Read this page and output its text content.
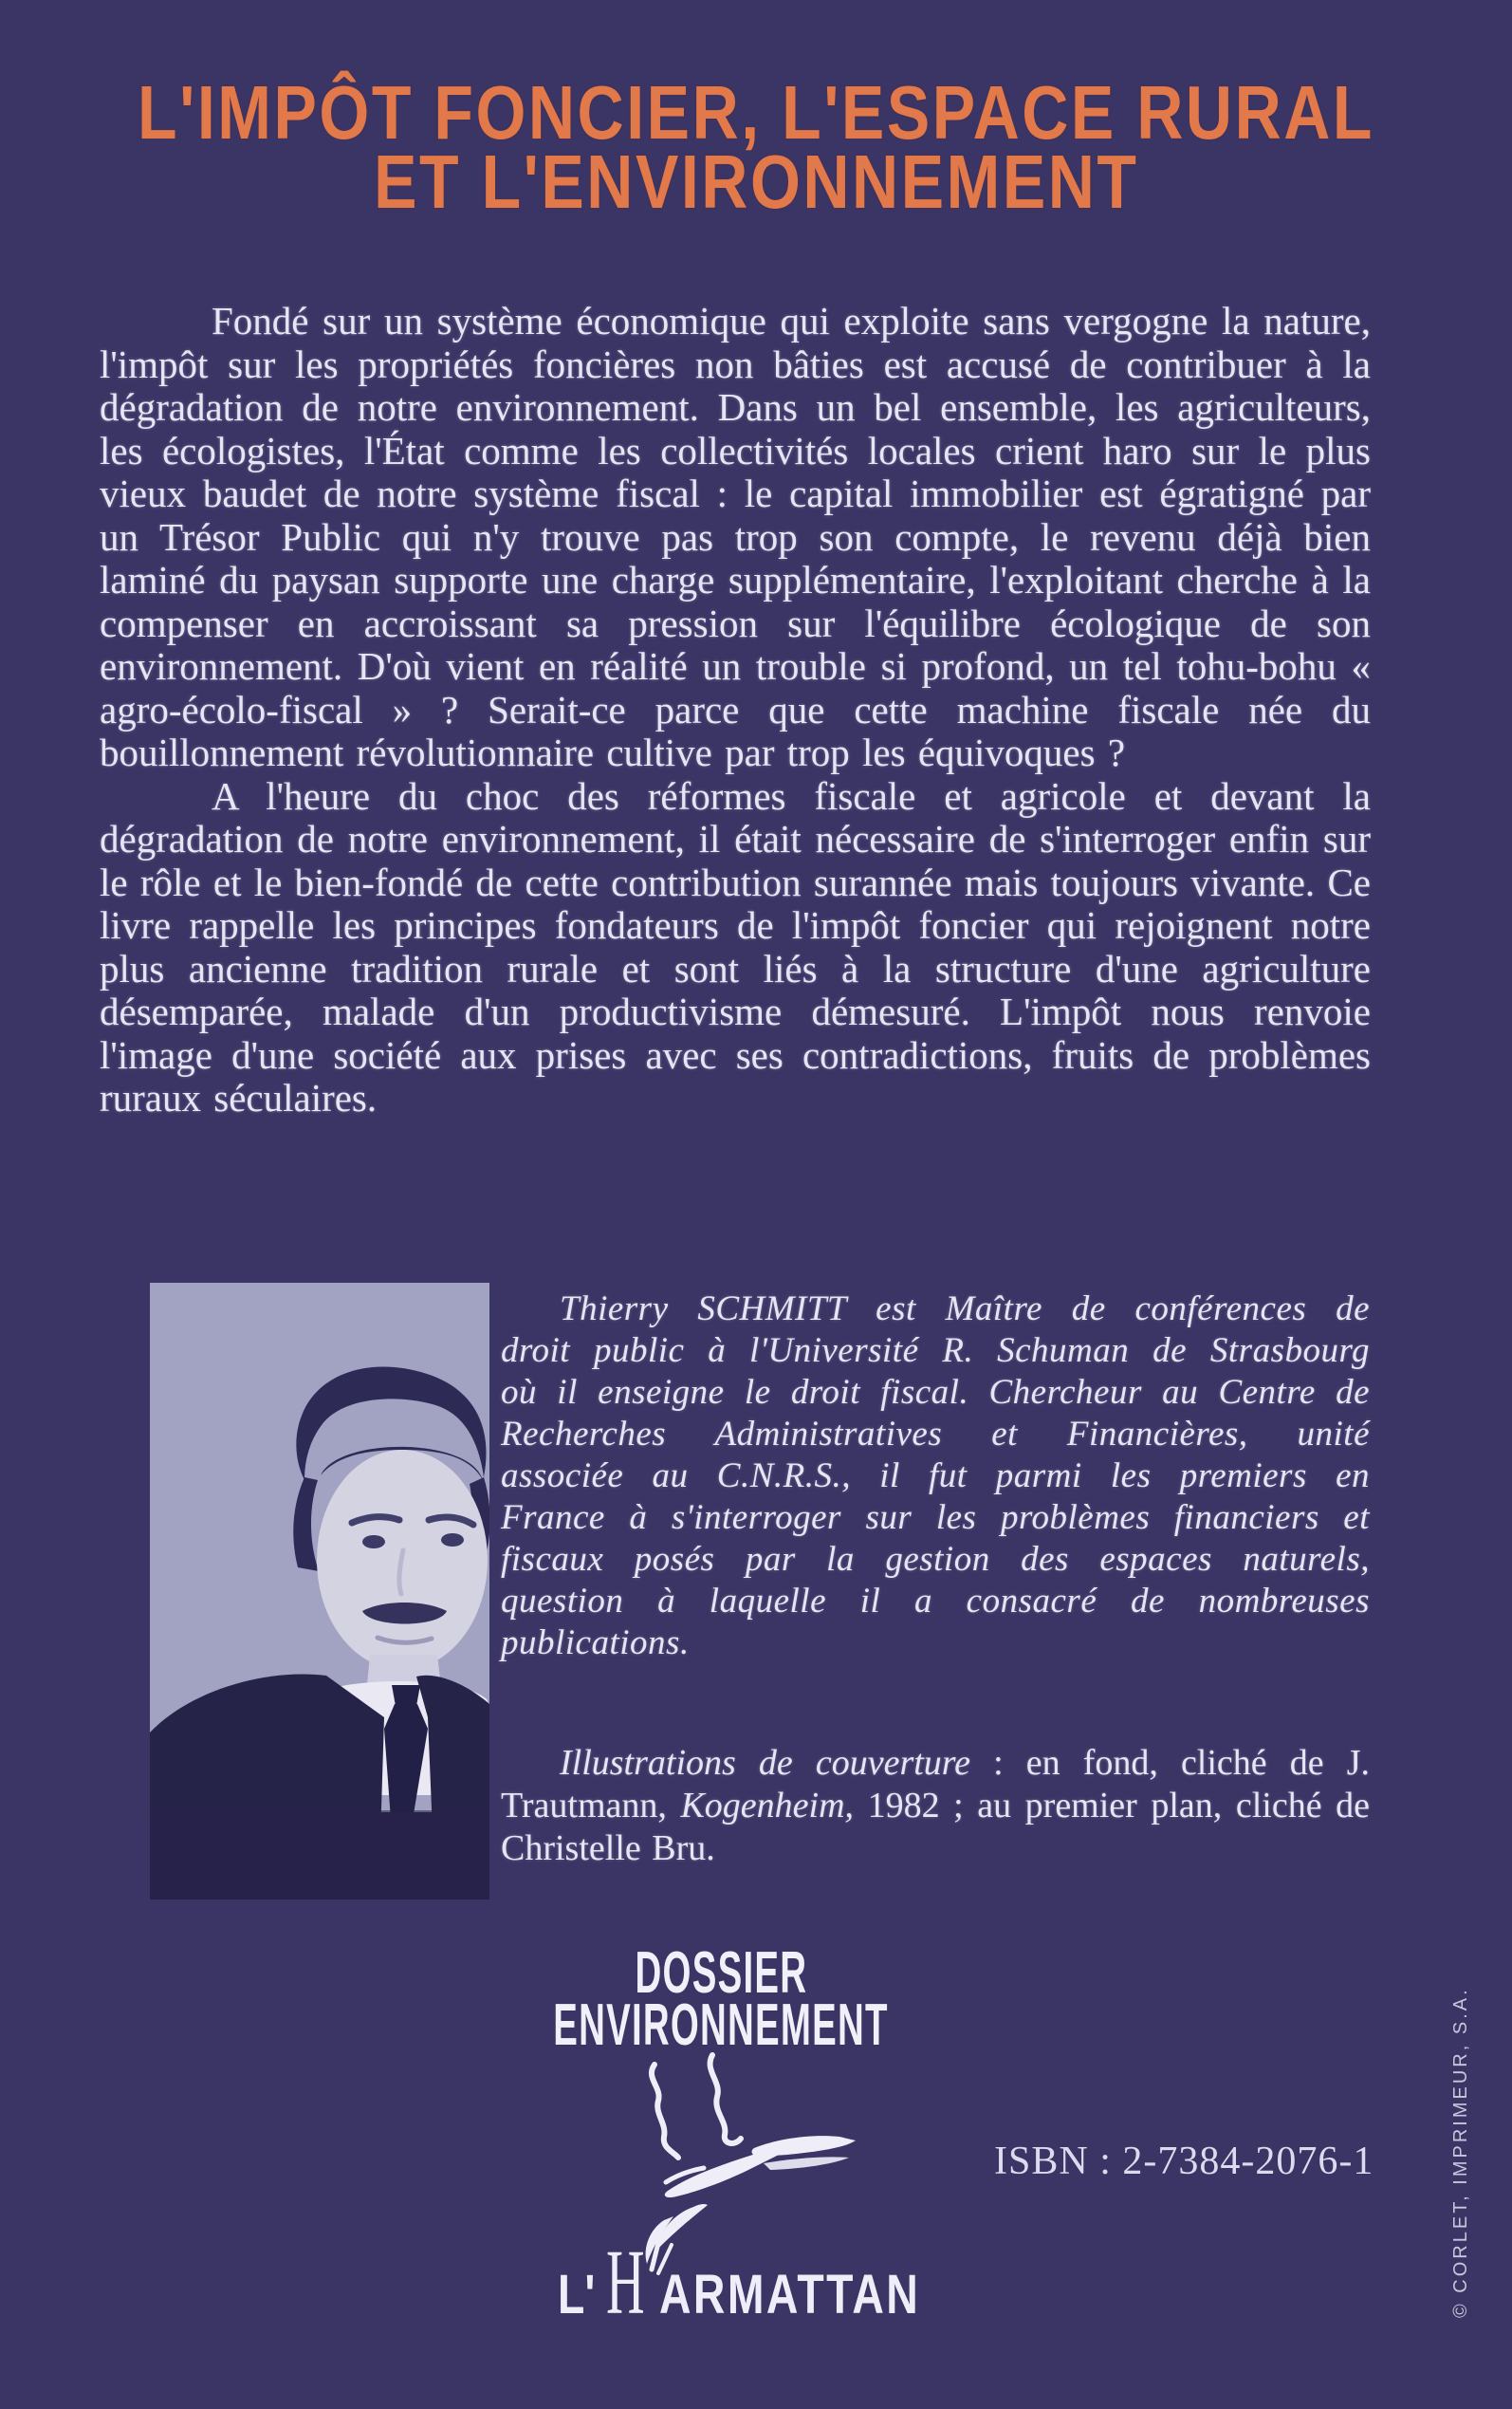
L'IMPÔT FONCIER, L'ESPACE RURAL
ET L'ENVIRONNEMENT

Fondé sur un système économique qui exploite sans vergogne la nature, l'impôt sur les propriétés foncières non bâties est accusé de contribuer à la dégradation de notre environnement. Dans un bel ensemble, les agriculteurs, les écologistes, l'État comme les collectivités locales crient haro sur le plus vieux baudet de notre système fiscal : le capital immobilier est égratigné par un Trésor Public qui n'y trouve pas trop son compte, le revenu déjà bien laminé du paysan supporte une charge supplémentaire, l'exploitant cherche à la compenser en accroissant sa pression sur l'équilibre écologique de son environnement. D'où vient en réalité un trouble si profond, un tel tohu-bohu « agro-écolo-fiscal » ? Serait-ce parce que cette machine fiscale née du bouillonnement révolutionnaire cultive par trop les équivoques ?

A l'heure du choc des réformes fiscale et agricole et devant la dégradation de notre environnement, il était nécessaire de s'interroger enfin sur le rôle et le bien-fondé de cette contribution surannée mais toujours vivante. Ce livre rappelle les principes fondateurs de l'impôt foncier qui rejoignent notre plus ancienne tradition rurale et sont liés à la structure d'une agriculture désemparée, malade d'un productivisme démesuré. L'impôt nous renvoie l'image d'une société aux prises avec ses contradictions, fruits de problèmes ruraux séculaires.

Thierry SCHMITT est Maître de conférences de droit public à l'Université R. Schuman de Strasbourg où il enseigne le droit fiscal. Chercheur au Centre de Recherches Administratives et Financières, unité associée au C.N.R.S., il fut parmi les premiers en France à s'interroger sur les problèmes financiers et fiscaux posés par la gestion des espaces naturels, question à laquelle il a consacré de nombreuses publications.

Illustrations de couverture : en fond, cliché de J. Trautmann, Kogenheim, 1982 ; au premier plan, cliché de Christelle Bru.

DOSSIER
ENVIRONNEMENT
ISBN : 2-7384-2076-1
L' H ARMATTAN	© CORLET, IMPRIMEUR, S.A.
